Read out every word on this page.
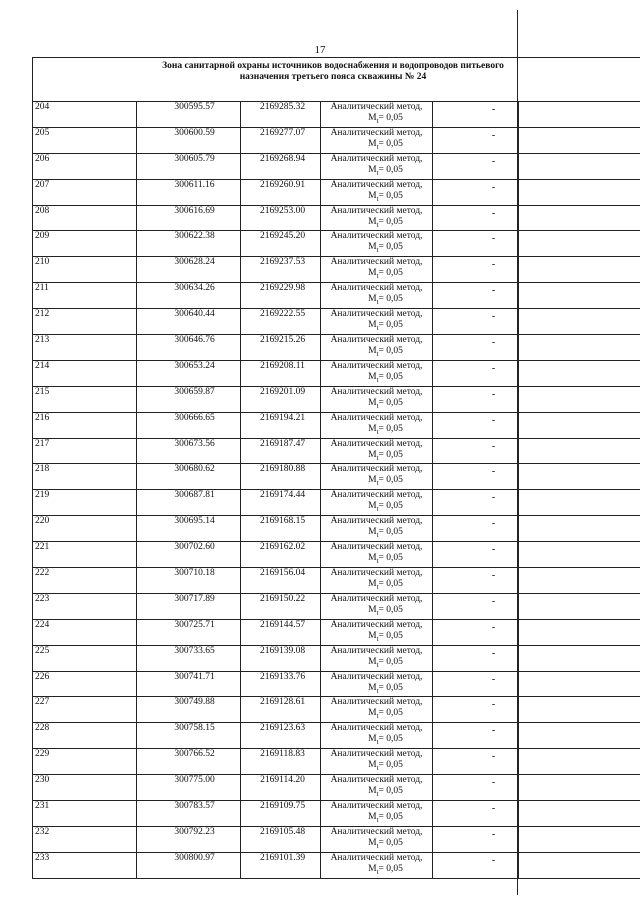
17
Зона санитарной охраны источников водоснабжения и водопроводов питьевого
назначения третьего пояса скважины № 24					

204	300595.57	2169285.32	Аналитический метод,
$M_t= 0,05$	-	
205	300600.59	2169277.07	Аналитический метод,
$M_t= 0,05$	-	
206	300605.79	2169268.94	Аналитический метод,
$M_t= 0,05$	-	
207	300611.16	2169260.91	Аналитический метод,
$M_t= 0,05$	-	
208	300616.69	2169253.00	Аналитический метод,
$M_t= 0,05$	-	
209	300622.38	2169245.20	Аналитический метод,
$M_t= 0,05$	-	
210	300628.24	2169237.53	Аналитический метод,
$M_t= 0,05$	-	
211	300634.26	2169229.98	Аналитический метод,
$M_t= 0,05$	-	
212	300640.44	2169222.55	Аналитический метод,
$M_t= 0,05$	-	
213	300646.76	2169215.26	Аналитический метод,
$M_t= 0,05$	-	
214	300653.24	2169208.11	Аналитический метод,
$M_t= 0,05$	-	
215	300659.87	2169201.09	Аналитический метод,
$M_t= 0,05$	-	
216	300666.65	2169194.21	Аналитический метод,
$M_t= 0,05$	-	
217	300673.56	2169187.47	Аналитический метод,
$M_t= 0,05$	-	
218	300680.62	2169180.88	Аналитический метод,
$M_t= 0,05$	-	
219	300687.81	2169174.44	Аналитический метод,
$M_t= 0,05$	-	
220	300695.14	2169168.15	Аналитический метод,
$M_t= 0,05$	-	
221	300702.60	2169162.02	Аналитический метод,
$M_t= 0,05$	-	
222	300710.18	2169156.04	Аналитический метод,
$M_t= 0,05$	-	
223	300717.89	2169150.22	Аналитический метод,
$M_t= 0,05$	-	
224	300725.71	2169144.57	Аналитический метод,
$M_t= 0,05$	-	
225	300733.65	2169139.08	Аналитический метод,
$M_t= 0,05$	-	
226	300741.71	2169133.76	Аналитический метод,
$M_t= 0,05$	-	
227	300749.88	2169128.61	Аналитический метод,
$M_t= 0,05$	-	
228	300758.15	2169123.63	Аналитический метод,
$M_t= 0,05$	-	
229	300766.52	2169118.83	Аналитический метод,
$M_t= 0,05$	-	
230	300775.00	2169114.20	Аналитический метод,
$M_t= 0,05$	-	
231	300783.57	2169109.75	Аналитический метод,
$M_t= 0,05$	-	
232	300792.23	2169105.48	Аналитический метод,
$M_t= 0,05$	-	
233	300800.97	2169101.39	Аналитический метод,
$M_t= 0,05$	-	
